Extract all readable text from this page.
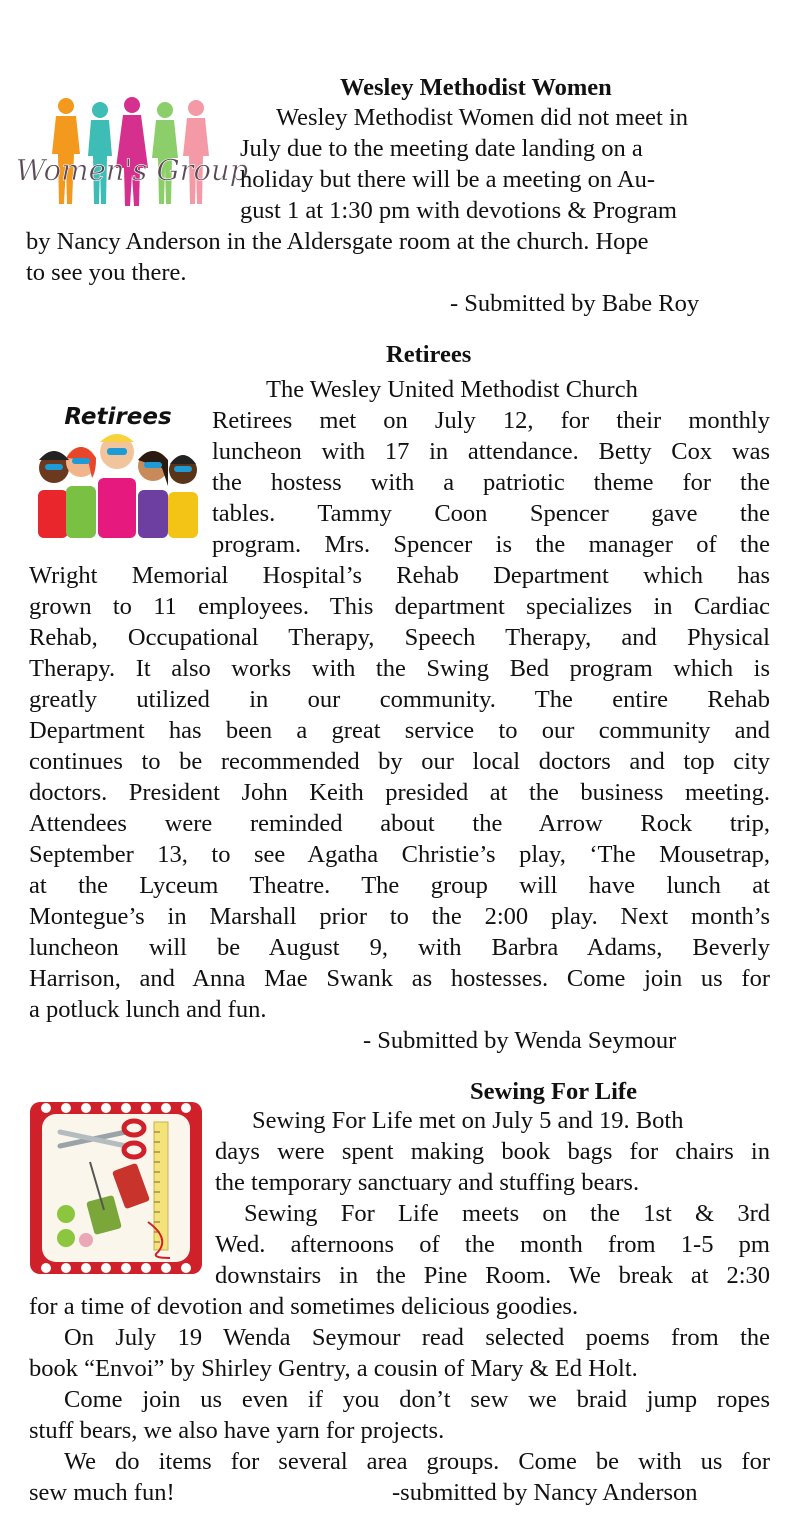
Wesley Methodist Women
Women's Group
Wesley Methodist Women did not meet in
July due to the meeting date landing on a
holiday but there will be a meeting on Au-
gust 1 at 1:30 pm with devotions & Program
by Nancy Anderson in the Aldersgate room at the church. Hope
to see you there.
- Submitted by Babe Roy
Retirees
Retirees
The Wesley United Methodist Church
Retirees met on July 12, for their monthly
luncheon with 17 in attendance. Betty Cox was
the hostess with a patriotic theme for the
tables. Tammy Coon Spencer gave the
program. Mrs. Spencer is the manager of the
Wright Memorial Hospital’s Rehab Department which has
grown to 11 employees. This department specializes in Cardiac
Rehab, Occupational Therapy, Speech Therapy, and Physical
Therapy. It also works with the Swing Bed program which is
greatly utilized in our community. The entire Rehab
Department has been a great service to our community and
continues to be recommended by our local doctors and top city
doctors. President John Keith presided at the business meeting.
Attendees were reminded about the Arrow Rock trip,
September 13, to see Agatha Christie’s play, ‘The Mousetrap,
at the Lyceum Theatre. The group will have lunch at
Montegue’s in Marshall prior to the 2:00 play. Next month’s
luncheon will be August 9, with Barbra Adams, Beverly
Harrison, and Anna Mae Swank as hostesses. Come join us for
a potluck lunch and fun.
- Submitted by Wenda Seymour
Sewing For Life
Sewing For Life met on July 5 and 19. Both
days were spent making book bags for chairs in
the temporary sanctuary and stuffing bears.
Sewing For Life meets on the 1st & 3rd
Wed. afternoons of the month from 1-5 pm
downstairs in the Pine Room. We break at 2:30
for a time of devotion and sometimes delicious goodies.
On July 19 Wenda Seymour read selected poems from the
book “Envoi” by Shirley Gentry, a cousin of Mary & Ed Holt.
Come join us even if you don’t sew we braid jump ropes
stuff bears, we also have yarn for projects.
We do items for several area groups. Come be with us for
sew much fun!	-submitted by Nancy Anderson
